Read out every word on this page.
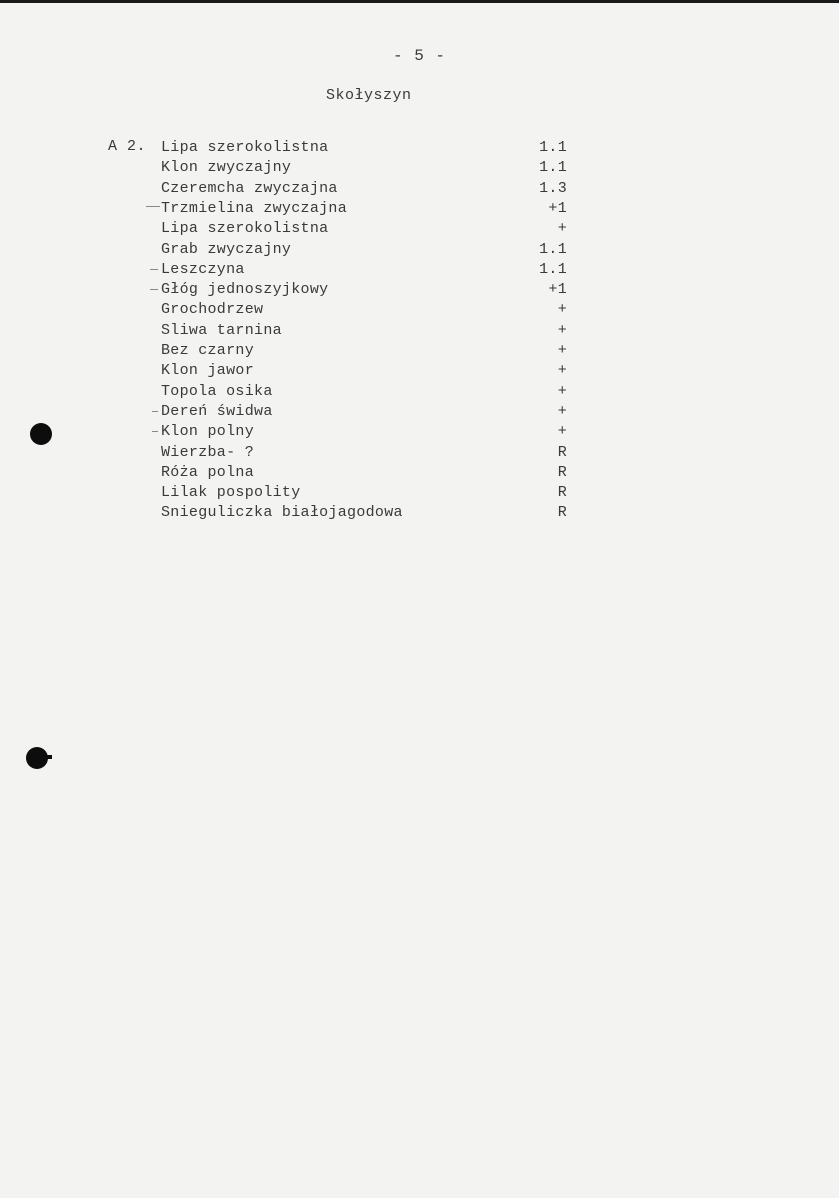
- 5 -
Skołyszyn
A 2. Lipa szerokolistna	1.1
Klon zwyczajny	1.1
Czeremcha zwyczajna	1.3
Trzmielina zwyczajna	+1
Lipa szerokolistna	+
Grab zwyczajny	1.1
Leszczyna	1.1
Głóg jednoszyjkowy	+1
Grochodrzew	+
Sliwa tarnina	+
Bez czarny	+
Klon jawor	+
Topola osika	+
Dereń świdwa	+
Klon polny	+
Wierzba- ?	R
Róża polna	R
Lilak pospolity	R
Snieguliczka białojagodowa	R
